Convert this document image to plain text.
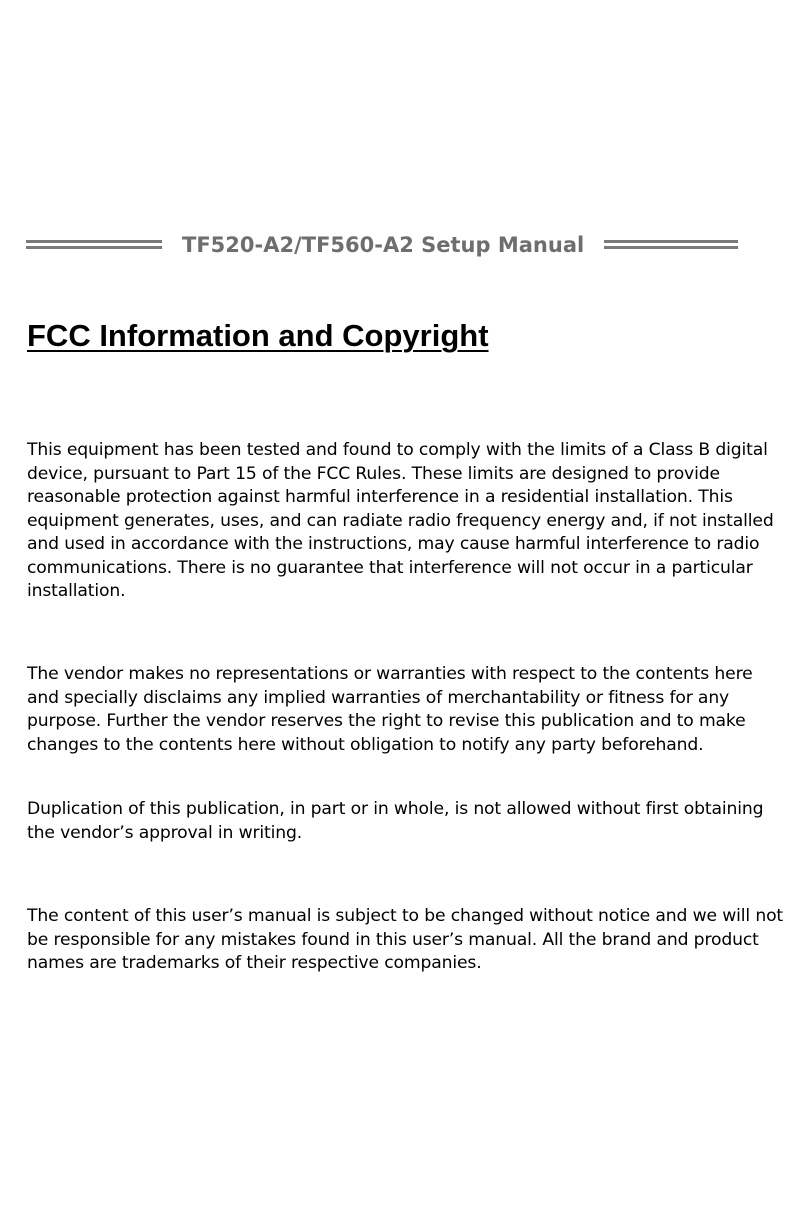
TF520-A2/TF560-A2 Setup Manual
FCC Information and Copyright

This equipment has been tested and found to comply with the limits of a Class B digital device, pursuant to Part 15 of the FCC Rules. These limits are designed to provide reasonable protection against harmful interference in a residential installation. This equipment generates, uses, and can radiate radio frequency energy and, if not installed and used in accordance with the instructions, may cause harmful interference to radio communications. There is no guarantee that interference will not occur in a particular installation.

The vendor makes no representations or warranties with respect to the contents here and specially disclaims any implied warranties of merchantability or fitness for any purpose. Further the vendor reserves the right to revise this publication and to make changes to the contents here without obligation to notify any party beforehand.

Duplication of this publication, in part or in whole, is not allowed without first obtaining the vendor’s approval in writing.

The content of this user’s manual is subject to be changed without notice and we will not be responsible for any mistakes found in this user’s manual. All the brand and product names are trademarks of their respective companies.
